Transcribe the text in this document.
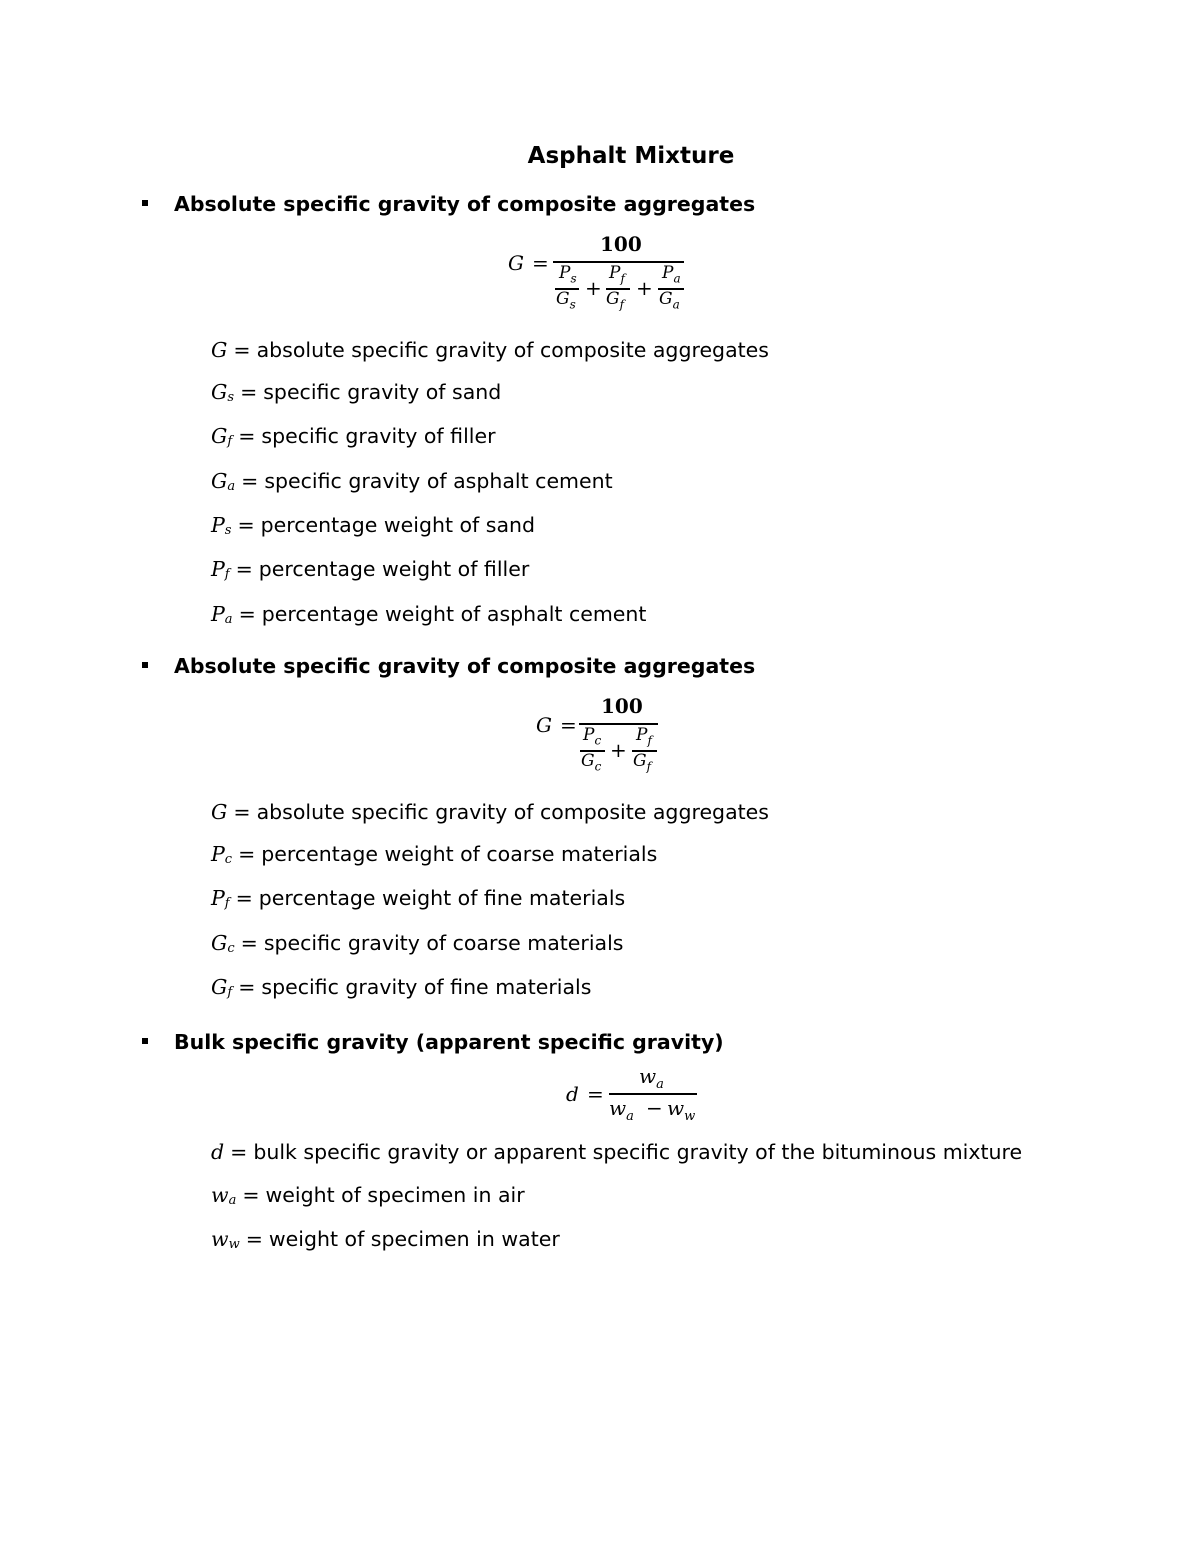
Asphalt Mixture
Absolute specific gravity of composite aggregates
G =
100
$P_s$
$G_s$
+
$P_f$
$G_f$
+
$P_a$
$G_a$
G = absolute specific gravity of composite aggregates
$G_s$ = specific gravity of sand
$G_f$ = specific gravity of filler
$G_a$ = specific gravity of asphalt cement
$P_s$ = percentage weight of sand
$P_f$ = percentage weight of filler
$P_a$ = percentage weight of asphalt cement
Absolute specific gravity of composite aggregates
G =
100
$P_c$
$G_c$
+
$P_f$
$G_f$
G = absolute specific gravity of composite aggregates
$P_c$ = percentage weight of coarse materials
$P_f$ = percentage weight of fine materials
$G_c$ = specific gravity of coarse materials
$G_f$ = specific gravity of fine materials
Bulk specific gravity (apparent specific gravity)
d =
$w_a$
$w_a - w_w$
d = bulk specific gravity or apparent specific gravity of the bituminous mixture
$w_a$ = weight of specimen in air
$w_w$ = weight of specimen in water
